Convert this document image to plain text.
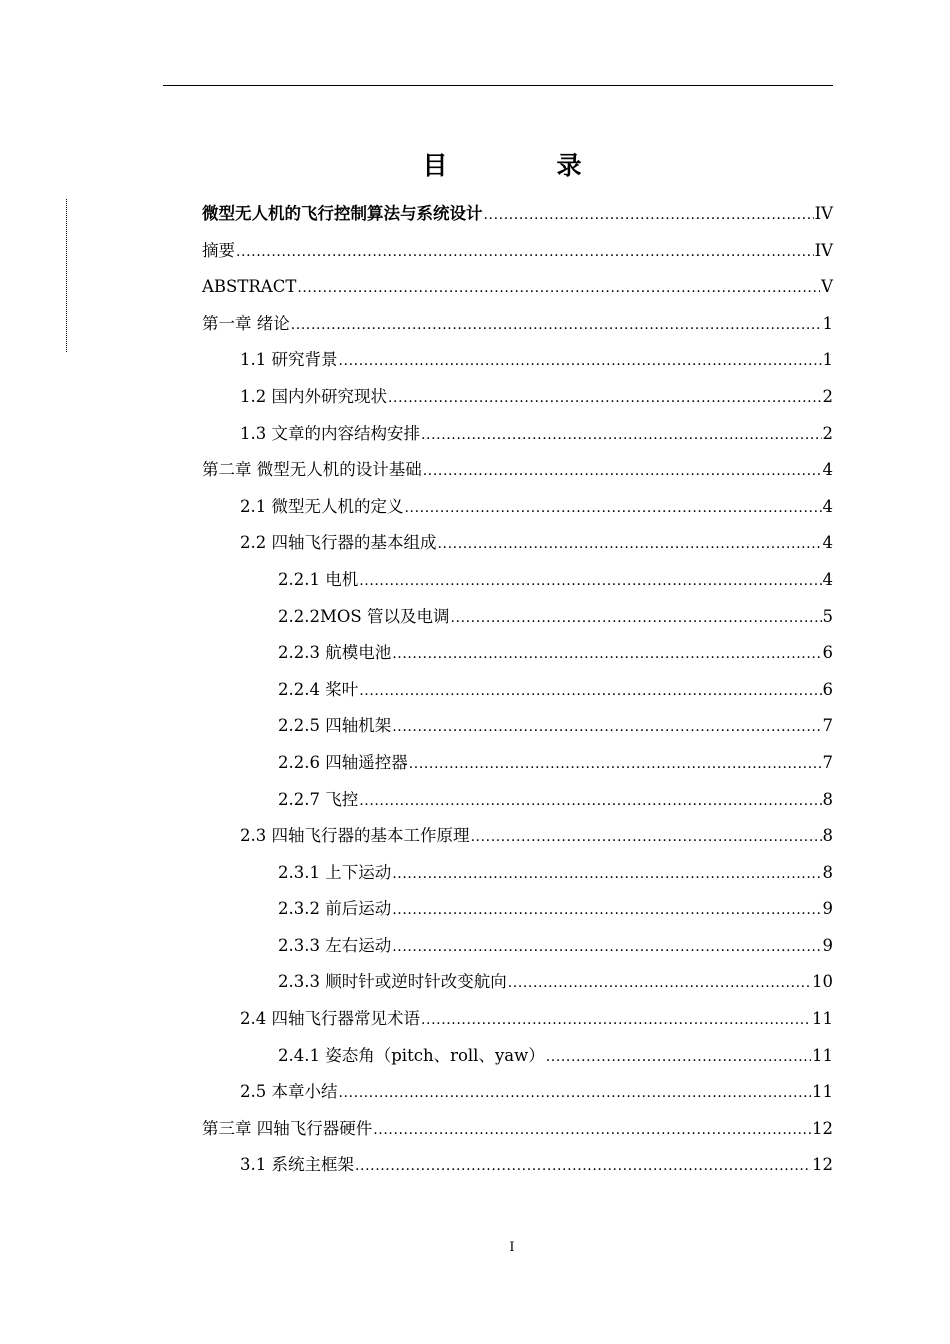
目　录
微型无人机的飞行控制算法与系统设计 .....	IV
摘要 .....	IV
ABSTRACT .....	V
第一章 绪论 .....	1
1.1 研究背景 .....	1
1.2 国内外研究现状 .....	2
1.3 文章的内容结构安排 .....	2
第二章 微型无人机的设计基础 .....	4
2.1 微型无人机的定义 .....	4
2.2 四轴飞行器的基本组成 .....	4
2.2.1 电机 .....	4
2.2.2MOS 管以及电调 .....	5
2.2.3 航模电池 .....	6
2.2.4 桨叶 .....	6
2.2.5 四轴机架 .....	7
2.2.6 四轴遥控器 .....	7
2.2.7 飞控 .....	8
2.3 四轴飞行器的基本工作原理 .....	8
2.3.1 上下运动 .....	8
2.3.2 前后运动 .....	9
2.3.3 左右运动 .....	9
2.3.3 顺时针或逆时针改变航向 .....	10
2.4 四轴飞行器常见术语 .....	11
2.4.1 姿态角（pitch、roll、yaw） .....	11
2.5 本章小结 .....	11
第三章 四轴飞行器硬件 .....	12
3.1 系统主框架 .....	12
I
